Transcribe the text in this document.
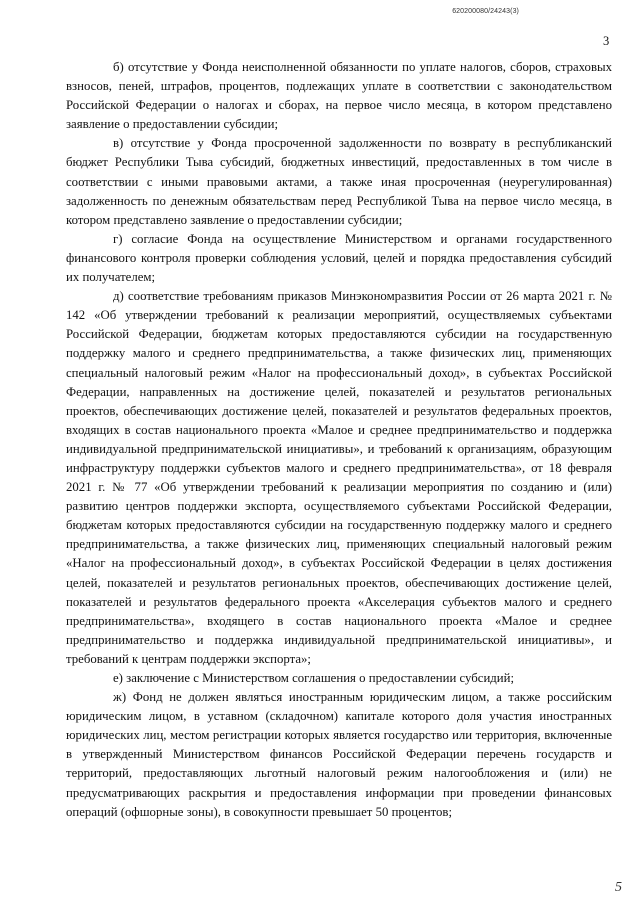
620200080/24243(3)
3

б) отсутствие у Фонда неисполненной обязанности по уплате налогов, сборов, страховых взносов, пеней, штрафов, процентов, подлежащих уплате в соответствии с законодательством Российской Федерации о налогах и сборах, на первое число месяца, в котором представлено заявление о предоставлении субсидии;

в) отсутствие у Фонда просроченной задолженности по возврату в республиканский бюджет Республики Тыва субсидий, бюджетных инвестиций, предоставленных в том числе в соответствии с иными правовыми актами, а также иная просроченная (неурегулированная) задолженность по денежным обязательствам перед Республикой Тыва на первое число месяца, в котором представлено заявление о предоставлении субсидии;

г) согласие Фонда на осуществление Министерством и органами государственного финансового контроля проверки соблюдения условий, целей и порядка предоставления субсидий их получателем;

д) соответствие требованиям приказов Минэкономразвития России от 26 марта 2021 г. № 142 «Об утверждении требований к реализации мероприятий, осуществляемых субъектами Российской Федерации, бюджетам которых предоставляются субсидии на государственную поддержку малого и среднего предпринимательства, а также физических лиц, применяющих специальный налоговый режим «Налог на профессиональный доход», в субъектах Российской Федерации, направленных на достижение целей, показателей и результатов региональных проектов, обеспечивающих достижение целей, показателей и результатов федеральных проектов, входящих в состав национального проекта «Малое и среднее предпринимательство и поддержка индивидуальной предпринимательской инициативы», и требований к организациям, образующим инфраструктуру поддержки субъектов малого и среднего предпринимательства», от 18 февраля 2021 г. № 77 «Об утверждении требований к реализации мероприятия по созданию и (или) развитию центров поддержки экспорта, осуществляемого субъектами Российской Федерации, бюджетам которых предоставляются субсидии на государственную поддержку малого и среднего предпринимательства, а также физических лиц, применяющих специальный налоговый режим «Налог на профессиональный доход», в субъектах Российской Федерации в целях достижения целей, показателей и результатов региональных проектов, обеспечивающих достижение целей, показателей и результатов федерального проекта «Акселерация субъектов малого и среднего предпринимательства», входящего в состав национального проекта «Малое и среднее предпринимательство и поддержка индивидуальной предпринимательской инициативы», и требований к центрам поддержки экспорта»;

е) заключение с Министерством соглашения о предоставлении субсидий;

ж) Фонд не должен являться иностранным юридическим лицом, а также российским юридическим лицом, в уставном (складочном) капитале которого доля участия иностранных юридических лиц, местом регистрации которых является государство или территория, включенные в утвержденный Министерством финансов Российской Федерации перечень государств и территорий, предоставляющих льготный налоговый режим налогообложения и (или) не предусматривающих раскрытия и предоставления информации при проведении финансовых операций (офшорные зоны), в совокупности превышает 50 процентов;

5
